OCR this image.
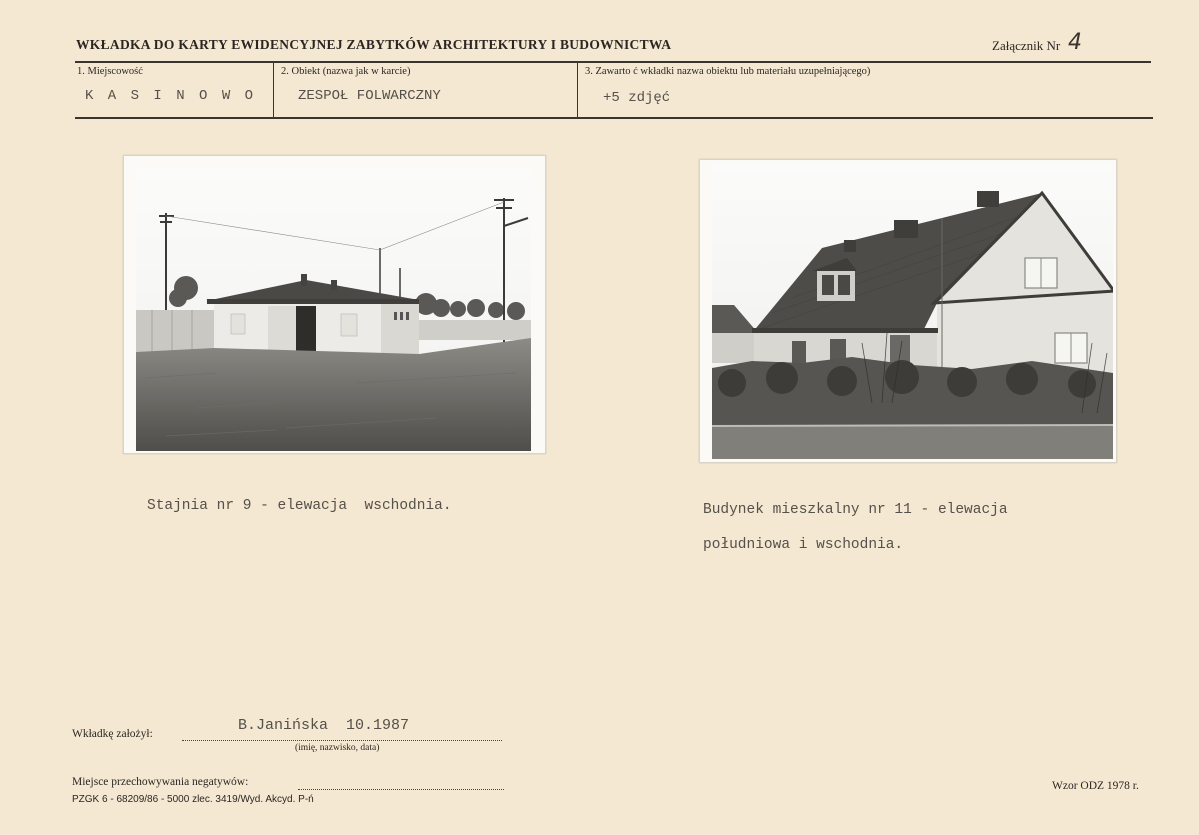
WKŁADKA DO KARTY EWIDENCYJNEJ ZABYTKÓW ARCHITEKTURY I BUDOWNICTWA	Załącznik Nr 4
1. Miejscowość
K A S I N O W O
2. Obiekt (nazwa jak w karcie)
ZESPOŁ FOLWARCZNY
3. Zawarto ć wkładki nazwa obiektu lub materiału uzupełniającego)
+5 zdjęć
Stajnia nr 9 - elewacja  wschodnia.	Budynek mieszkalny nr 11 - elewacja
południowa i wschodnia.
Wkładkę założył:	B.Janińska  10.1987
(imię, nazwisko, data)
Miejsce przechowywania negatywów:
PZGK 6 - 68209/86 - 5000 zlec. 3419/Wyd. Akcyd. P-ń
Wzor ODZ 1978 r.
